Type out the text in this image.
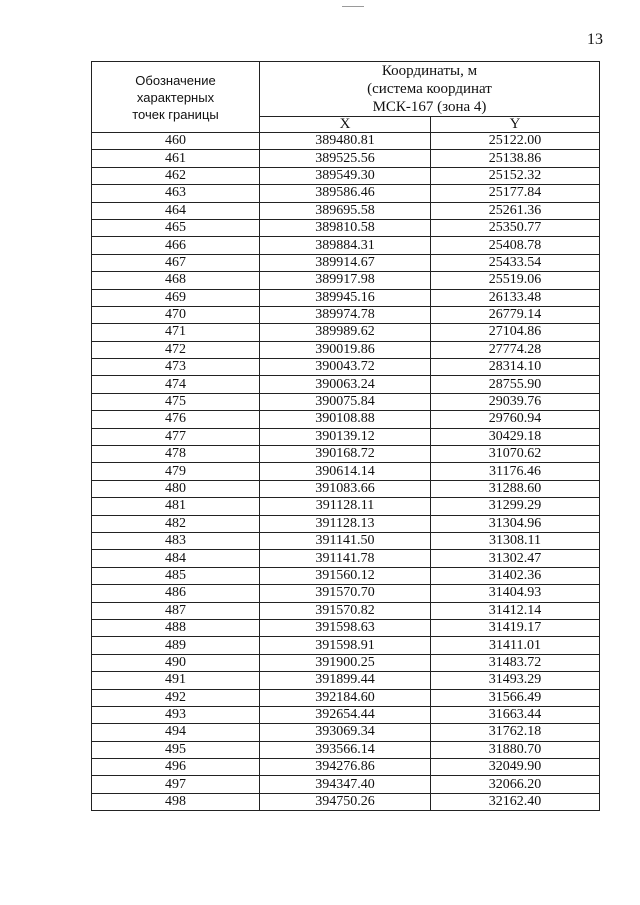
13
Обозначение
характерных
точек границы	Координаты, м
(система координат
МСК-167 (зона 4)	
	X	Y
460	389480.81	25122.00
461	389525.56	25138.86
462	389549.30	25152.32
463	389586.46	25177.84
464	389695.58	25261.36
465	389810.58	25350.77
466	389884.31	25408.78
467	389914.67	25433.54
468	389917.98	25519.06
469	389945.16	26133.48
470	389974.78	26779.14
471	389989.62	27104.86
472	390019.86	27774.28
473	390043.72	28314.10
474	390063.24	28755.90
475	390075.84	29039.76
476	390108.88	29760.94
477	390139.12	30429.18
478	390168.72	31070.62
479	390614.14	31176.46
480	391083.66	31288.60
481	391128.11	31299.29
482	391128.13	31304.96
483	391141.50	31308.11
484	391141.78	31302.47
485	391560.12	31402.36
486	391570.70	31404.93
487	391570.82	31412.14
488	391598.63	31419.17
489	391598.91	31411.01
490	391900.25	31483.72
491	391899.44	31493.29
492	392184.60	31566.49
493	392654.44	31663.44
494	393069.34	31762.18
495	393566.14	31880.70
496	394276.86	32049.90
497	394347.40	32066.20
498	394750.26	32162.40
